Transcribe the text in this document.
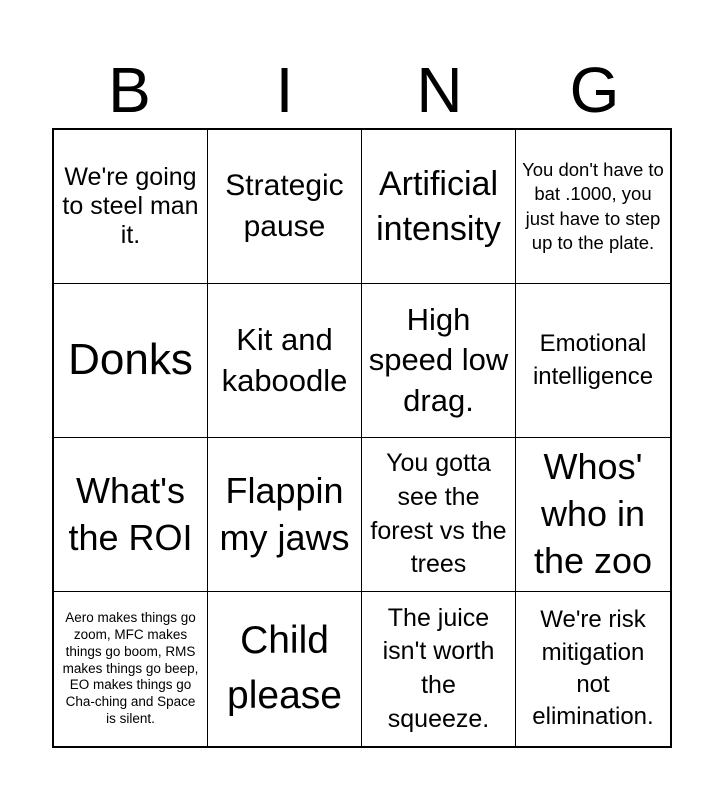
B	I	N	G
We're going to steel man it.
Strategic pause
Artificial intensity
You don't have to bat .1000, you just have to step up to the plate.
Donks	Kit and kaboodle
High speed low drag.
Emotional intelligence
What's the ROI
Flappin my jaws
You gotta see the forest vs the trees
Whos' who in the zoo
Aero makes things go zoom, MFC makes things go boom, RMS makes things go beep, EO makes things go Cha-ching and Space is silent.
Child please
The juice isn't worth the squeeze.
We're risk mitigation not elimination.
